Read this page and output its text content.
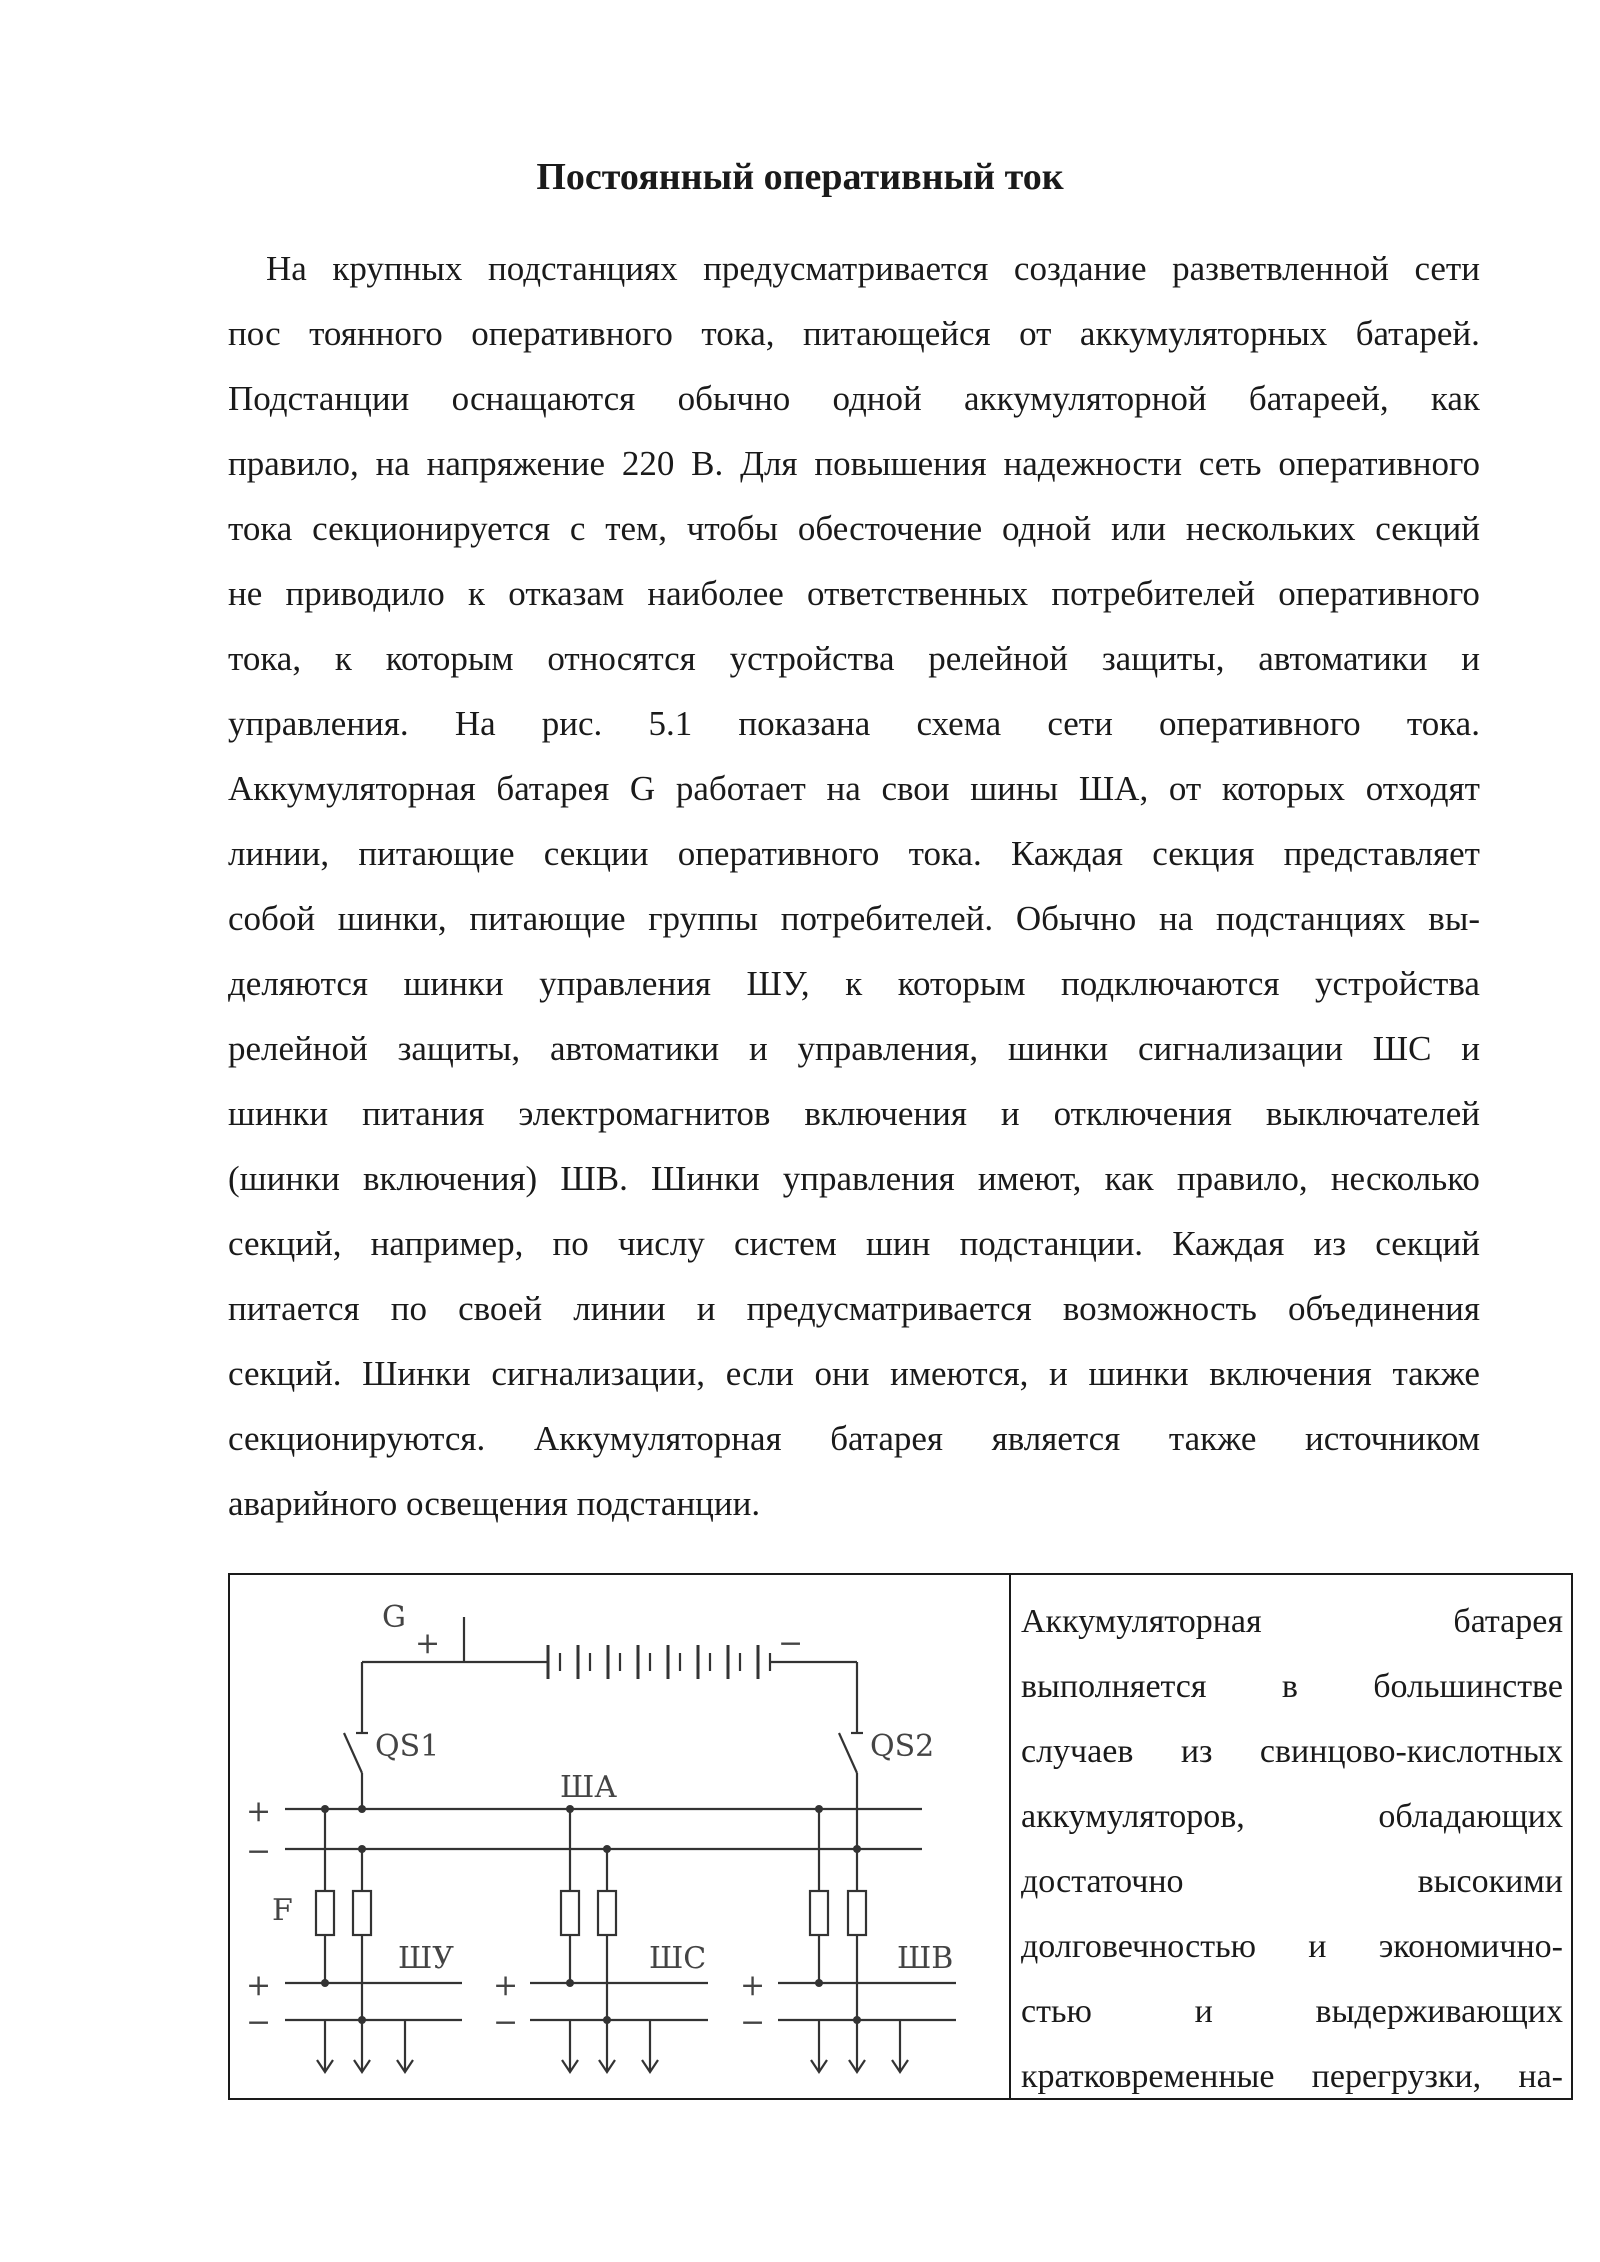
Постоянный оперативный ток
На крупных подстанциях предусматривается создание разветвленной сети
пос тоянного оперативного тока, питающейся от аккумуляторных батарей.
Подстанции оснащаются обычно одной аккумуляторной батареей, как
правило, на напряжение 220 В. Для повышения надежности сеть оперативного
тока секционируется с тем, чтобы обесточение одной или нескольких секций
не приводило к отказам наиболее ответственных потребителей оперативного
тока, к которым относятся устройства релейной защиты, автоматики и
управления. На рис. 5.1 показана схема сети оперативного тока.
Аккумуляторная батарея G работает на свои шины ША, от которых отходят
линии, питающие секции оперативного тока. Каждая секция представляет
собой шинки, питающие группы потребителей. Обычно на подстанциях вы-
деляются шинки управления ШУ, к которым подключаются устройства
релейной защиты, автоматики и управления, шинки сигнализации ШС и
шинки питания электромагнитов включения и отключения выключателей
(шинки включения) ШВ. Шинки управления имеют, как правило, несколько
секций, например, по числу систем шин подстанции. Каждая из секций
питается по своей линии и предусматривается возможность объединения
секций. Шинки сигнализации, если они имеются, и шинки включения также
секционируются. Аккумуляторная батарея является также источником
аварийного освещения подстанции.
G
+	−
QS1	QS2
ША
+
−
F
ШУ	ШС	ШВ
+
−
+
−
+
−
Аккумуляторная	батарея
выполняется в большинстве
случаев из свинцово-кислотных
аккумуляторов,	обладающих
достаточно	высокими
долговечностью и экономично-
стью	и	выдерживающих
кратковременные перегрузки, на-
